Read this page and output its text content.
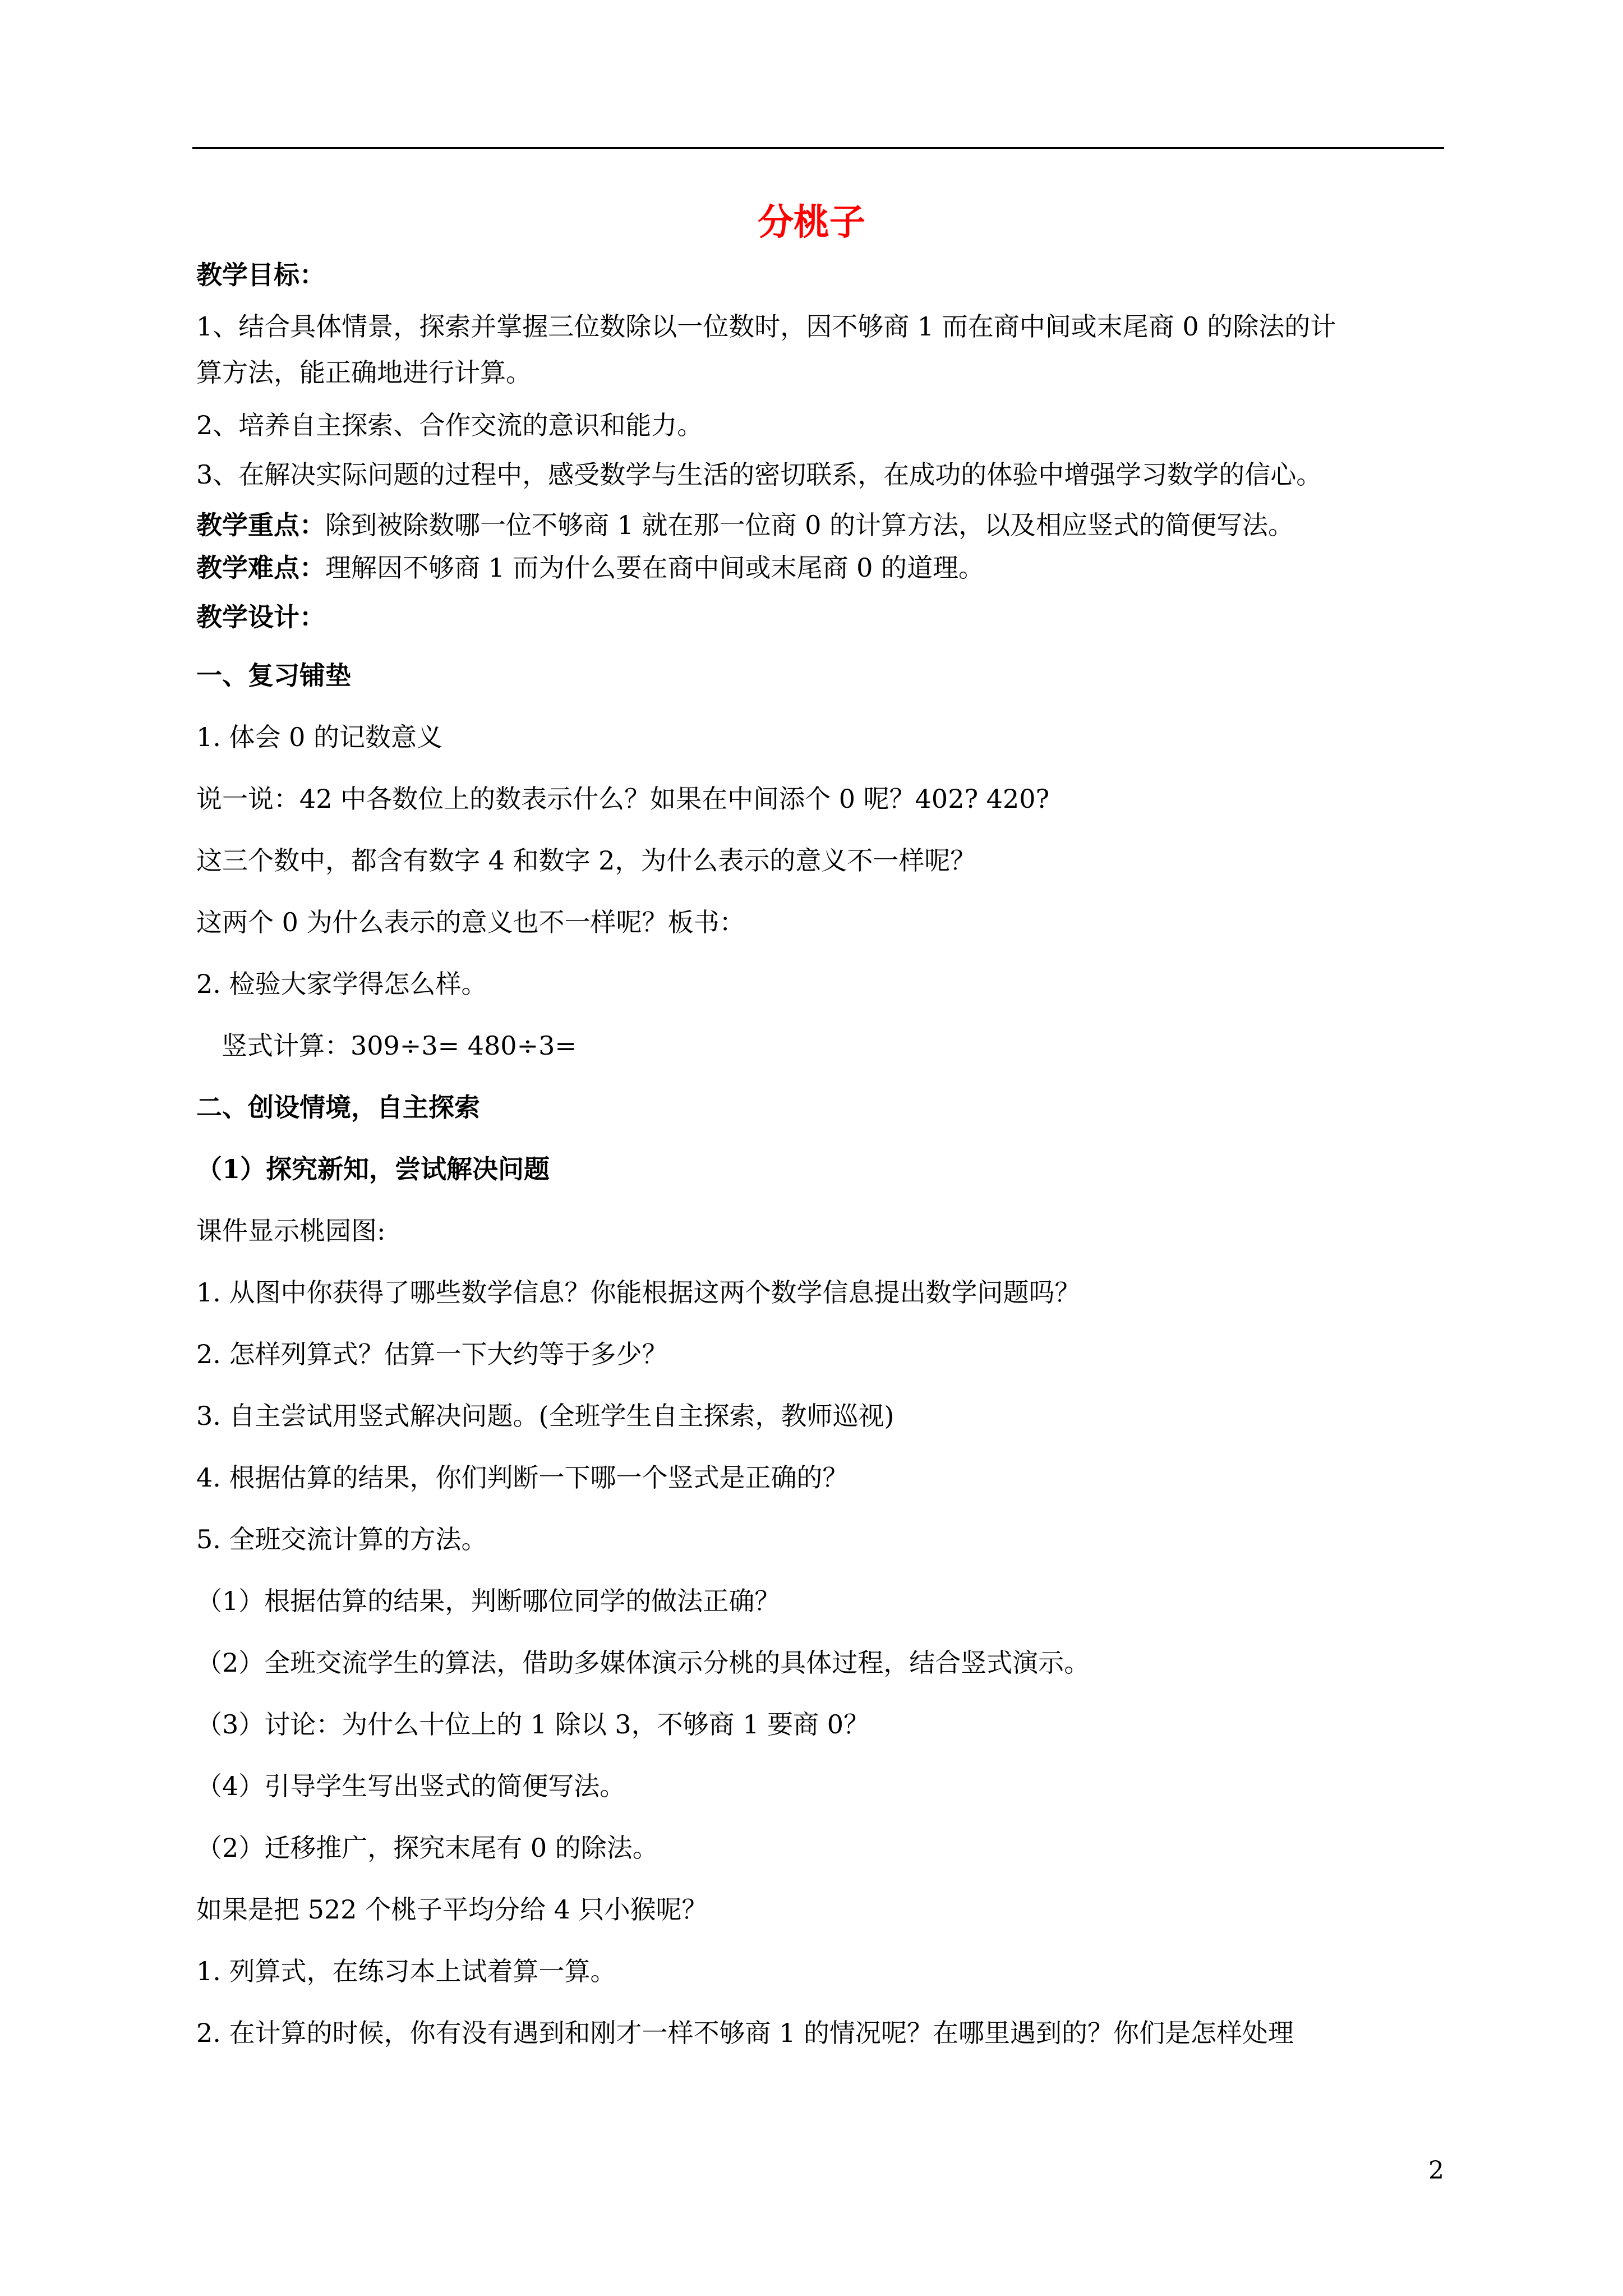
分桃子
教学目标：
1、结合具体情景，探索并掌握三位数除以一位数时，因不够商 1 而在商中间或末尾商 0 的除法的计
算方法，能正确地进行计算。
2、培养自主探索、合作交流的意识和能力。
3、在解决实际问题的过程中，感受数学与生活的密切联系，在成功的体验中增强学习数学的信心。
教学重点：除到被除数哪一位不够商 1 就在那一位商 0 的计算方法，以及相应竖式的简便写法。
教学难点：理解因不够商 1 而为什么要在商中间或末尾商 0 的道理。
教学设计：
一、复习铺垫
1. 体会 0 的记数意义
说一说：42 中各数位上的数表示什么？如果在中间添个 0 呢？402? 420?
这三个数中，都含有数字 4 和数字 2，为什么表示的意义不一样呢？
这两个 0 为什么表示的意义也不一样呢？板书：
2. 检验大家学得怎么样。
竖式计算：309÷3= 480÷3=
二、创设情境，自主探索
（1）探究新知，尝试解决问题
课件显示桃园图:
1. 从图中你获得了哪些数学信息？你能根据这两个数学信息提出数学问题吗？
2. 怎样列算式？估算一下大约等于多少？
3. 自主尝试用竖式解决问题。(全班学生自主探索，教师巡视)
4. 根据估算的结果，你们判断一下哪一个竖式是正确的？
5. 全班交流计算的方法。
（1）根据估算的结果，判断哪位同学的做法正确？
（2）全班交流学生的算法，借助多媒体演示分桃的具体过程，结合竖式演示。
（3）讨论：为什么十位上的 1 除以 3，不够商 1 要商 0？
（4）引导学生写出竖式的简便写法。
（2）迁移推广，探究末尾有 0 的除法。
如果是把 522 个桃子平均分给 4 只小猴呢？
1. 列算式，在练习本上试着算一算。
2. 在计算的时候，你有没有遇到和刚才一样不够商 1 的情况呢？在哪里遇到的？你们是怎样处理
2
